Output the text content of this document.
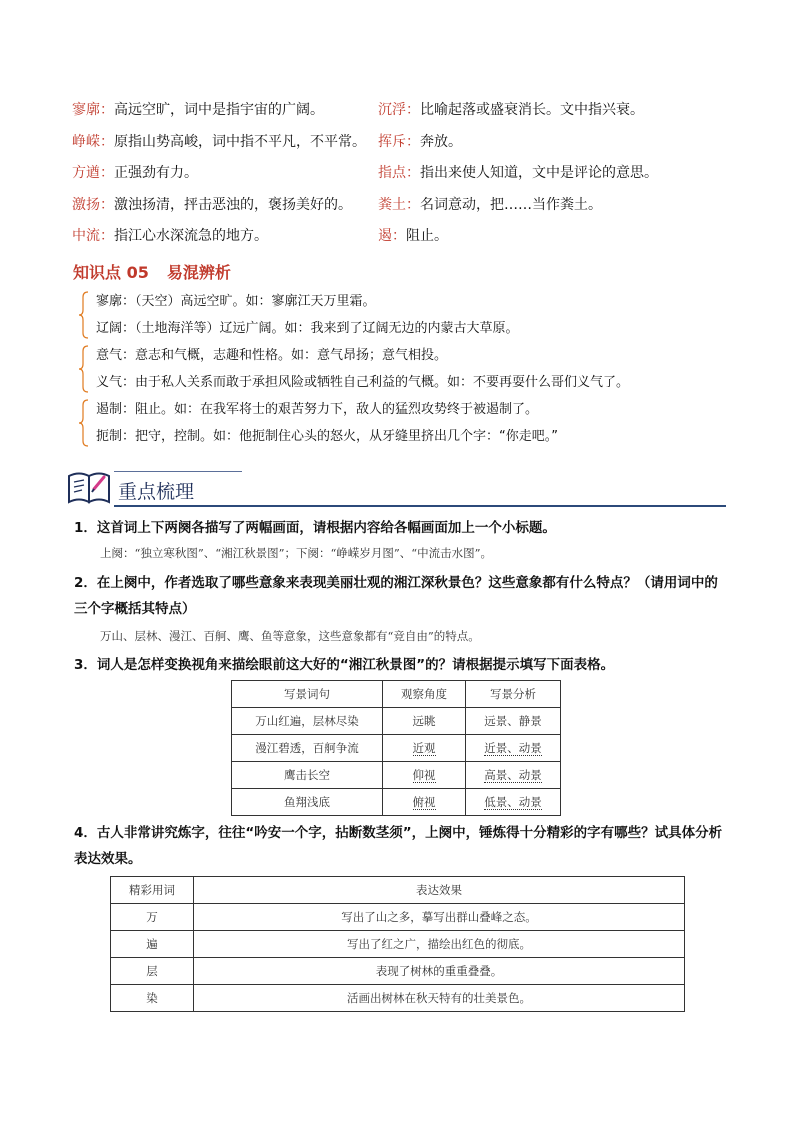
寥廓：高远空旷，词中是指宇宙的广阔。	沉浮：比喻起落或盛衰消长。文中指兴衰。
峥嵘：原指山势高峻，词中指不平凡，不平常。 挥斥：奔放。
方遒：正强劲有力。	指点：指出来使人知道，文中是评论的意思。
激扬：激浊扬清，抨击恶浊的，褒扬美好的。 粪土：名词意动，把……当作粪土。
中流：指江心水深流急的地方。	遏：阻止。
知识点 05 易混辨析
寥廓：（天空）高远空旷。如：寥廓江天万里霜。
辽阔：（土地海洋等）辽远广阔。如：我来到了辽阔无边的内蒙古大草原。
意气：意志和气概，志趣和性格。如：意气昂扬；意气相投。
义气：由于私人关系而敢于承担风险或牺牲自己利益的气概。如：不要再耍什么哥们义气了。
遏制：阻止。如：在我军将士的艰苦努力下，敌人的猛烈攻势终于被遏制了。
扼制：把守，控制。如：他扼制住心头的怒火，从牙缝里挤出几个字：“你走吧。”
重点梳理
1．这首词上下两阕各描写了两幅画面，请根据内容给各幅画面加上一个小标题。
上阕：“独立寒秋图”、“湘江秋景图”；下阕：“峥嵘岁月图”、“中流击水图”。
2．在上阕中，作者选取了哪些意象来表现美丽壮观的湘江深秋景色？这些意象都有什么特点？（请用词中的三个字概括其特点）
万山、层林、漫江、百舸、鹰、鱼等意象，这些意象都有“竞自由”的特点。
3．词人是怎样变换视角来描绘眼前这大好的“湘江秋景图”的？请根据提示填写下面表格。
写景词句	观察角度	写景分析
万山红遍，层林尽染	远眺	远景、静景
漫江碧透，百舸争流	近观	近景、动景
鹰击长空	仰视	高景、动景
鱼翔浅底	俯视	低景、动景
4．古人非常讲究炼字，往往“吟安一个字，拈断数茎须”，上阕中，锤炼得十分精彩的字有哪些？试具体分析表达效果。
精彩用词	表达效果
万	写出了山之多，摹写出群山叠峰之态。
遍	写出了红之广，描绘出红色的彻底。
层	表现了树林的重重叠叠。
染	活画出树林在秋天特有的壮美景色。
